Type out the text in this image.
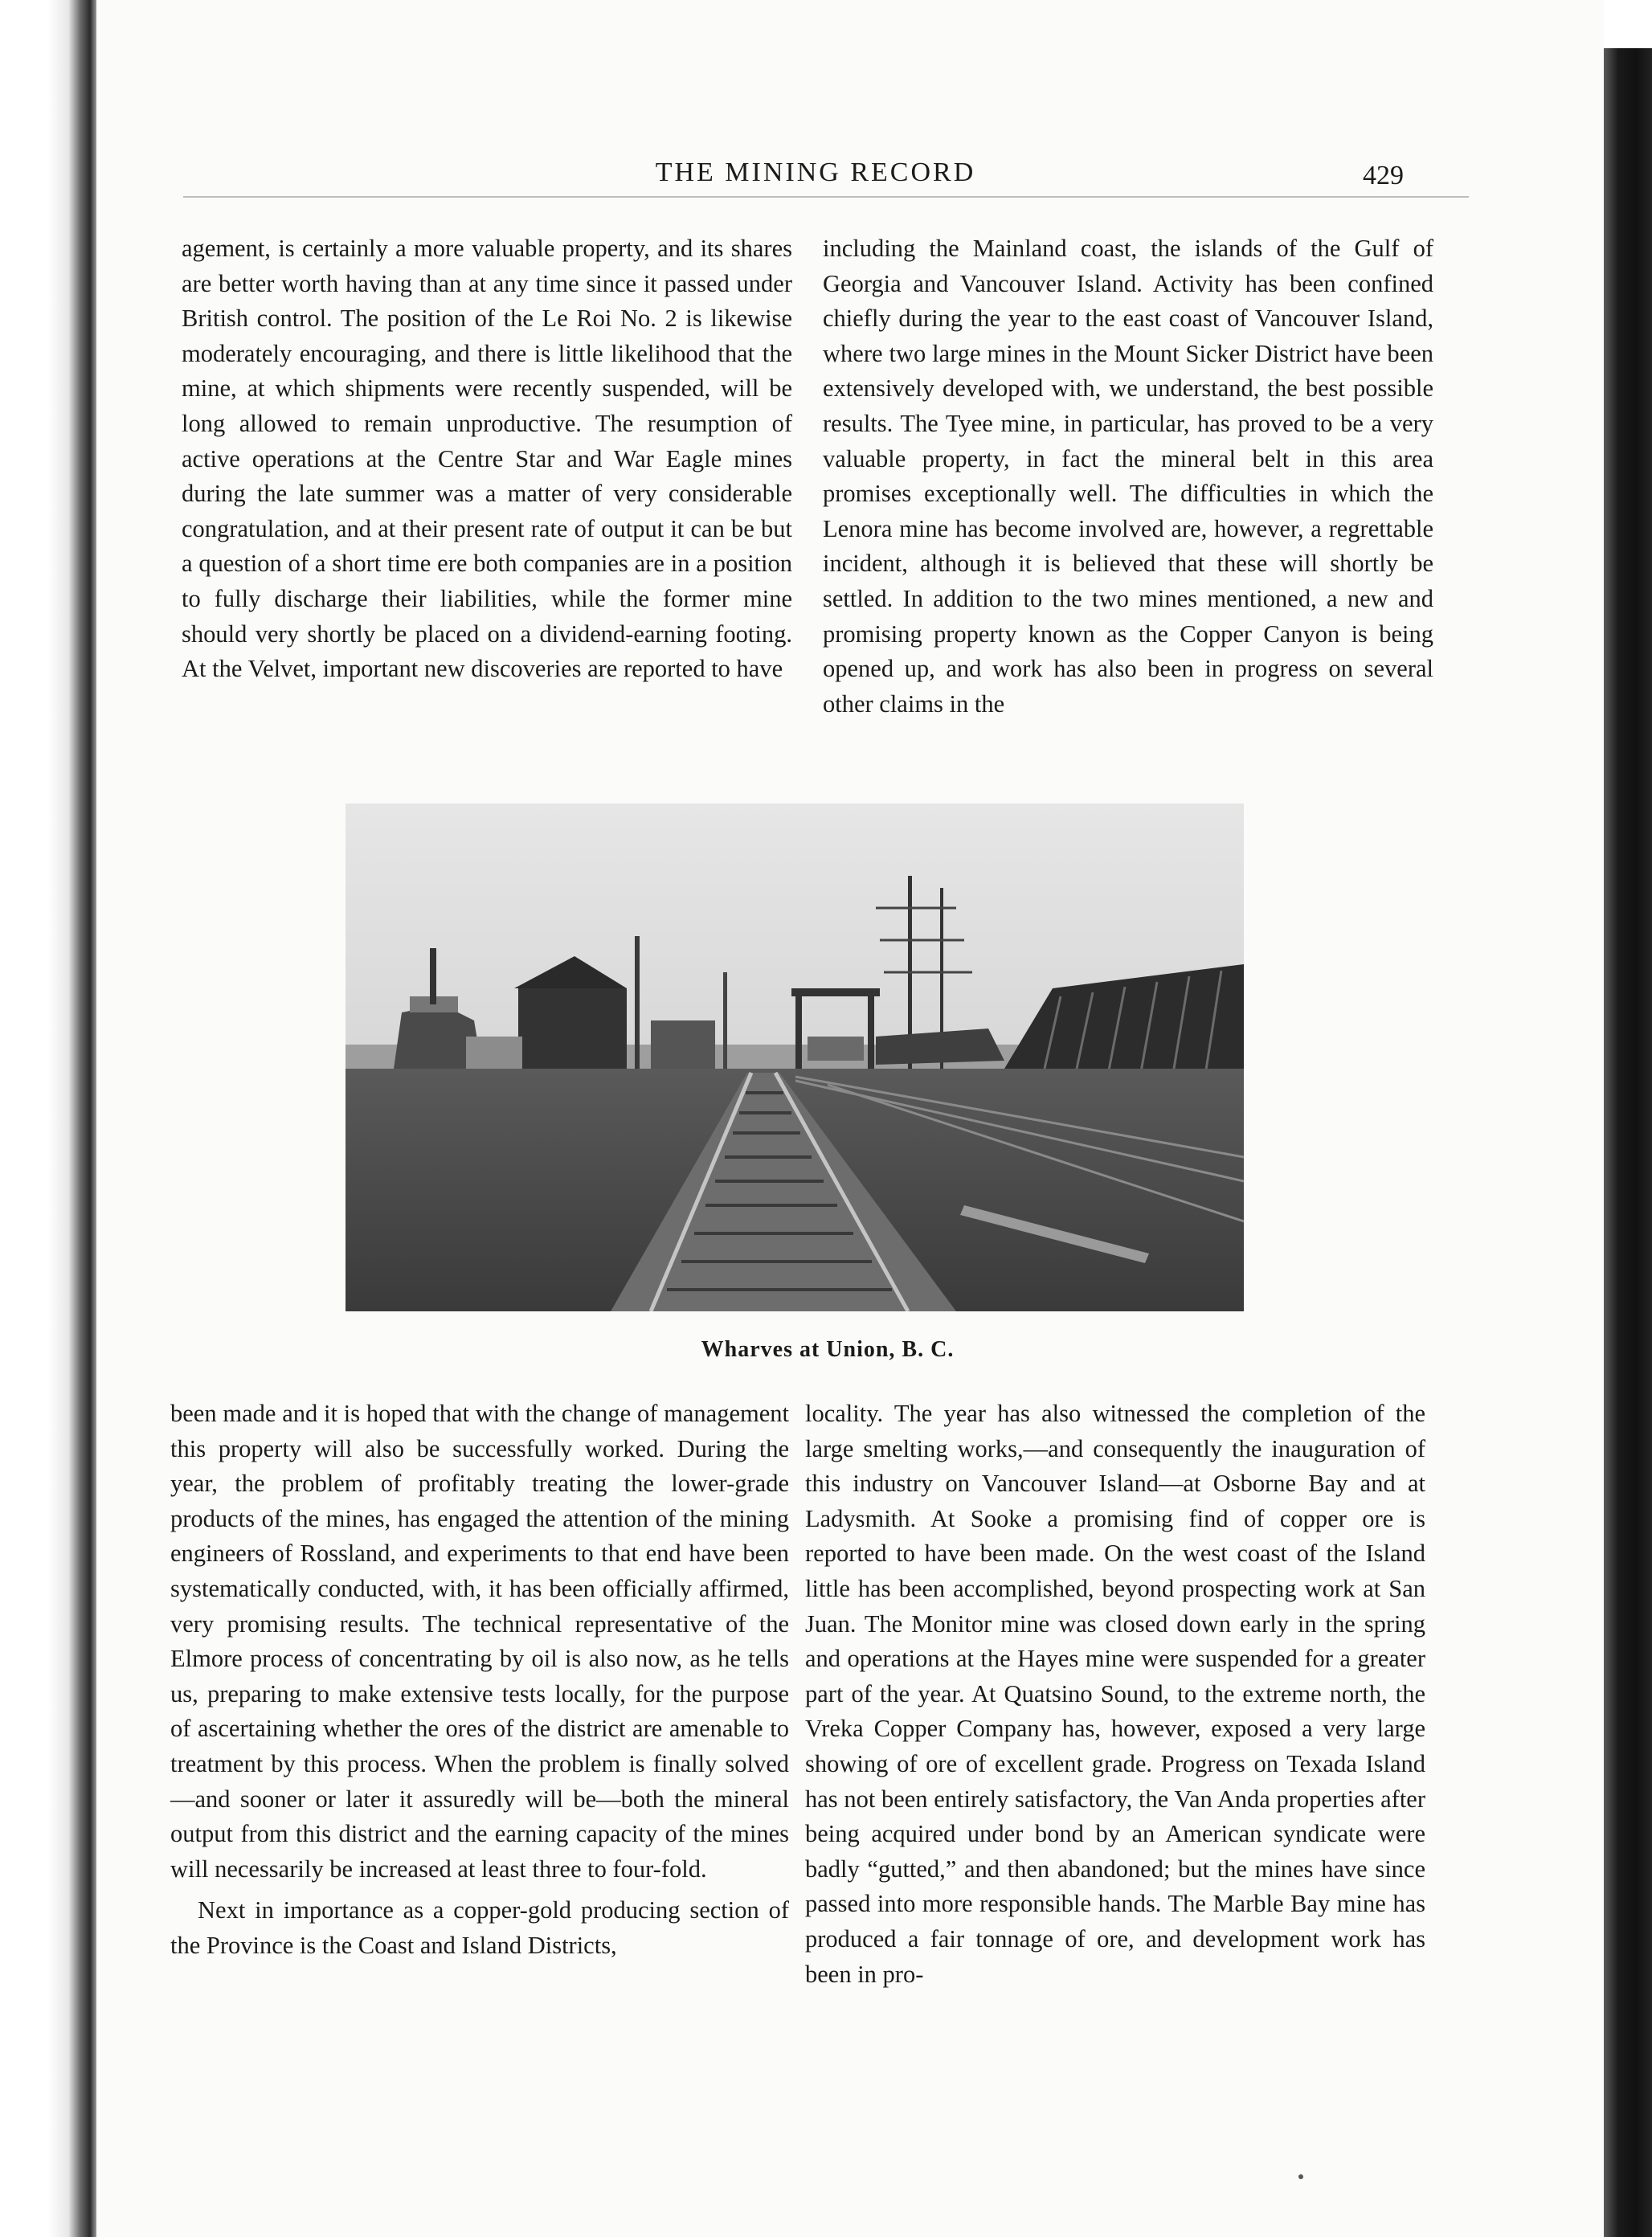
THE MINING RECORD	429

agement, is certainly a more valuable property, and its shares are better worth having than at any time since it passed under British control. The position of the Le Roi No. 2 is likewise moderately encouraging, and there is little likelihood that the mine, at which shipments were recently suspended, will be long allowed to remain unproductive. The resumption of active operations at the Centre Star and War Eagle mines during the late summer was a matter of very considerable congratulation, and at their present rate of output it can be but a question of a short time ere both companies are in a position to fully discharge their liabilities, while the former mine should very shortly be placed on a dividend-earning footing. At the Velvet, important new discoveries are reported to have

including the Mainland coast, the islands of the Gulf of Georgia and Vancouver Island. Activity has been confined chiefly during the year to the east coast of Vancouver Island, where two large mines in the Mount Sicker District have been extensively developed with, we understand, the best possible results. The Tyee mine, in particular, has proved to be a very valuable property, in fact the mineral belt in this area promises exceptionally well. The difficulties in which the Lenora mine has become involved are, however, a regrettable incident, although it is believed that these will shortly be settled. In addition to the two mines mentioned, a new and promising property known as the Copper Canyon is being opened up, and work has also been in progress on several other claims in the

Wharves at Union, B. C.

been made and it is hoped that with the change of management this property will also be successfully worked. During the year, the problem of profitably treating the lower-grade products of the mines, has engaged the attention of the mining engineers of Rossland, and experiments to that end have been systematically conducted, with, it has been officially affirmed, very promising results. The technical representative of the Elmore process of concentrating by oil is also now, as he tells us, preparing to make extensive tests locally, for the purpose of ascertaining whether the ores of the district are amenable to treatment by this process. When the problem is finally solved—and sooner or later it assuredly will be—both the mineral output from this district and the earning capacity of the mines will necessarily be increased at least three to four-fold.

Next in importance as a copper-gold producing section of the Province is the Coast and Island Districts,

locality. The year has also witnessed the completion of the large smelting works,—and consequently the inauguration of this industry on Vancouver Island—at Osborne Bay and at Ladysmith. At Sooke a promising find of copper ore is reported to have been made. On the west coast of the Island little has been accomplished, beyond prospecting work at San Juan. The Monitor mine was closed down early in the spring and operations at the Hayes mine were suspended for a greater part of the year. At Quatsino Sound, to the extreme north, the Vreka Copper Company has, however, exposed a very large showing of ore of excellent grade. Progress on Texada Island has not been entirely satisfactory, the Van Anda properties after being acquired under bond by an American syndicate were badly “gutted,” and then abandoned; but the mines have since passed into more responsible hands. The Marble Bay mine has produced a fair tonnage of ore, and development work has been in pro-
